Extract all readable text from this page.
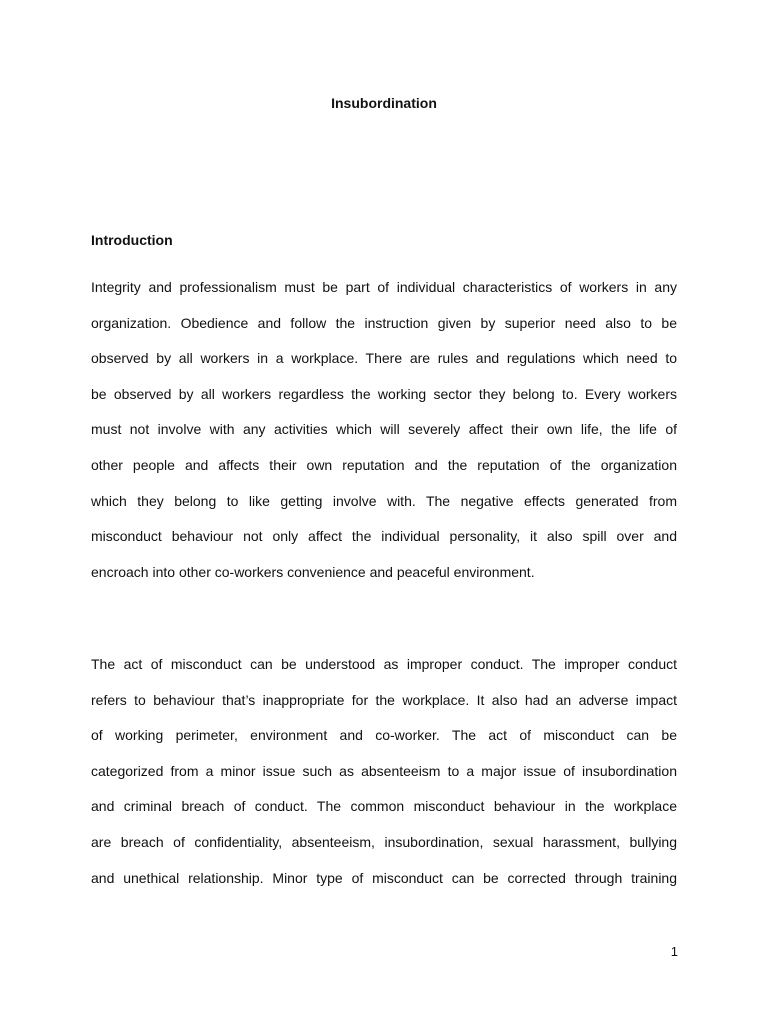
Insubordination
Introduction
Integrity and professionalism must be part of individual characteristics of workers in any
organization. Obedience and follow the instruction given by superior need also to be
observed by all workers in a workplace. There are rules and regulations which need to
be observed by all workers regardless the working sector they belong to. Every workers
must not involve with any activities which will severely affect their own life, the life of
other people and affects their own reputation and the reputation of the organization
which they belong to like getting involve with. The negative effects generated from
misconduct behaviour not only affect the individual personality, it also spill over and
encroach into other co-workers convenience and peaceful environment.
The act of misconduct can be understood as improper conduct. The improper conduct
refers to behaviour that’s inappropriate for the workplace. It also had an adverse impact
of working perimeter, environment and co-worker. The act of misconduct can be
categorized from a minor issue such as absenteeism to a major issue of insubordination
and criminal breach of conduct. The common misconduct behaviour in the workplace
are breach of confidentiality, absenteeism, insubordination, sexual harassment, bullying
and unethical relationship. Minor type of misconduct can be corrected through training
1
